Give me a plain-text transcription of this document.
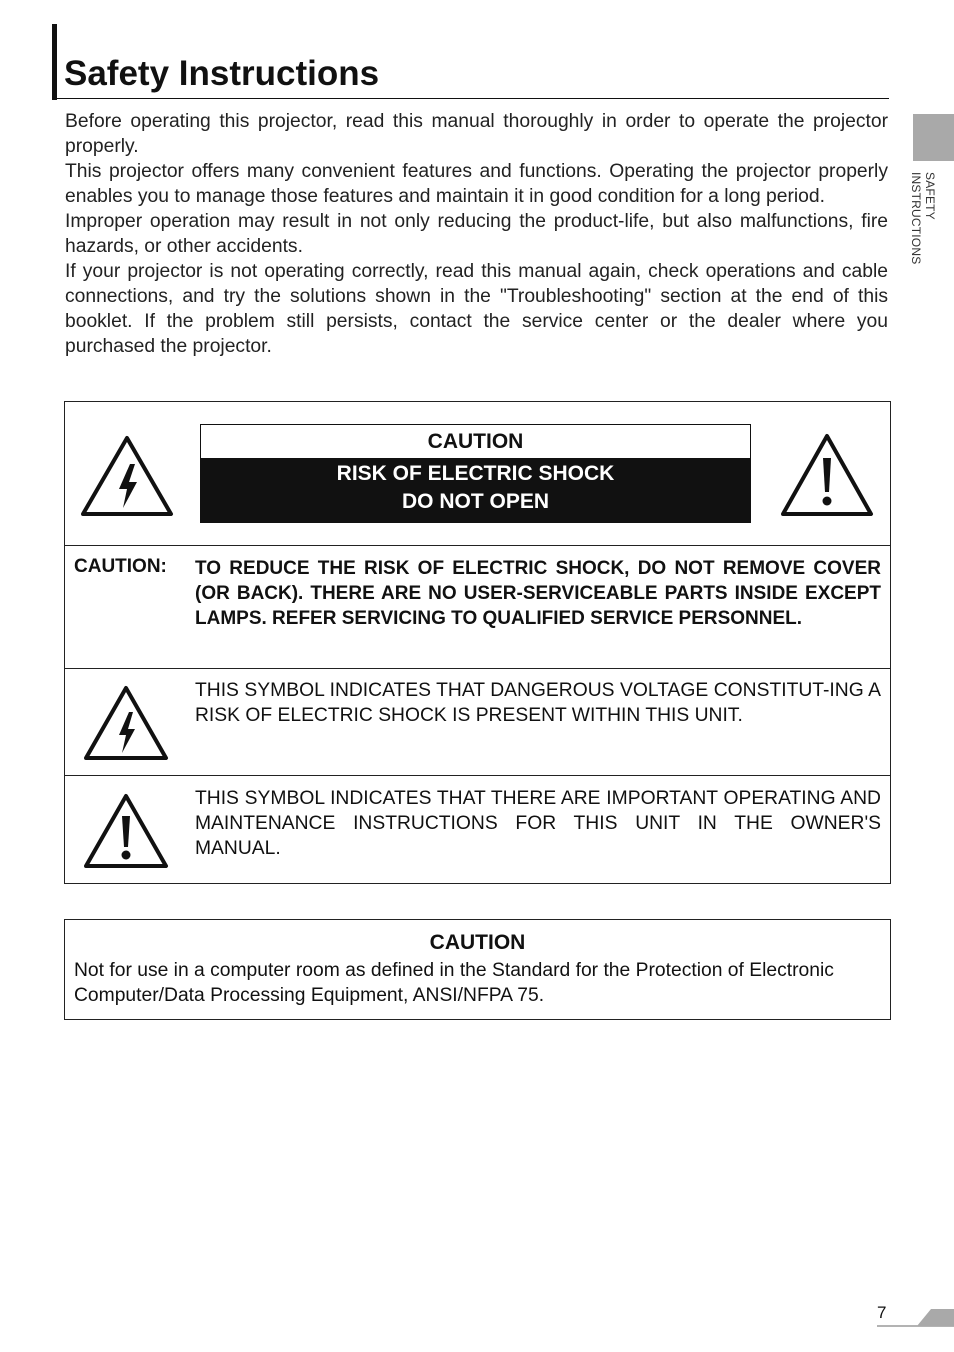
Safety Instructions
SAFETY INSTRUCTIONS

Before operating this projector, read this manual thoroughly in order to operate the projector properly.

This projector offers many convenient features and functions. Operating the projector properly enables you to manage those features and maintain it in good condition for a long period.

Improper operation may result in not only reducing the product-life, but also malfunctions, fire hazards, or other accidents.

If your projector is not operating correctly, read this manual again, check operations and cable connections, and try the solutions shown in the "Troubleshooting" section at the end of this booklet. If the problem still persists, contact the service center or the dealer where you purchased the projector.

CAUTION
RISK OF ELECTRIC SHOCK
DO NOT OPEN
CAUTION: TO REDUCE THE RISK OF ELECTRIC SHOCK, DO NOT REMOVE COVER (OR BACK). THERE ARE NO USER-SERVICEABLE PARTS INSIDE EXCEPT LAMPS. REFER SERVICING TO QUALIFIED SERVICE PERSONNEL.
THIS SYMBOL INDICATES THAT DANGEROUS VOLTAGE CONSTITUT-ING A RISK OF ELECTRIC SHOCK IS PRESENT WITHIN THIS UNIT.
THIS SYMBOL INDICATES THAT THERE ARE IMPORTANT OPERATING AND MAINTENANCE INSTRUCTIONS FOR THIS UNIT IN THE OWNER'S MANUAL.
CAUTION
Not for use in a computer room as defined in the Standard for the Protection of Electronic Computer/Data Processing Equipment, ANSI/NFPA 75.
7
